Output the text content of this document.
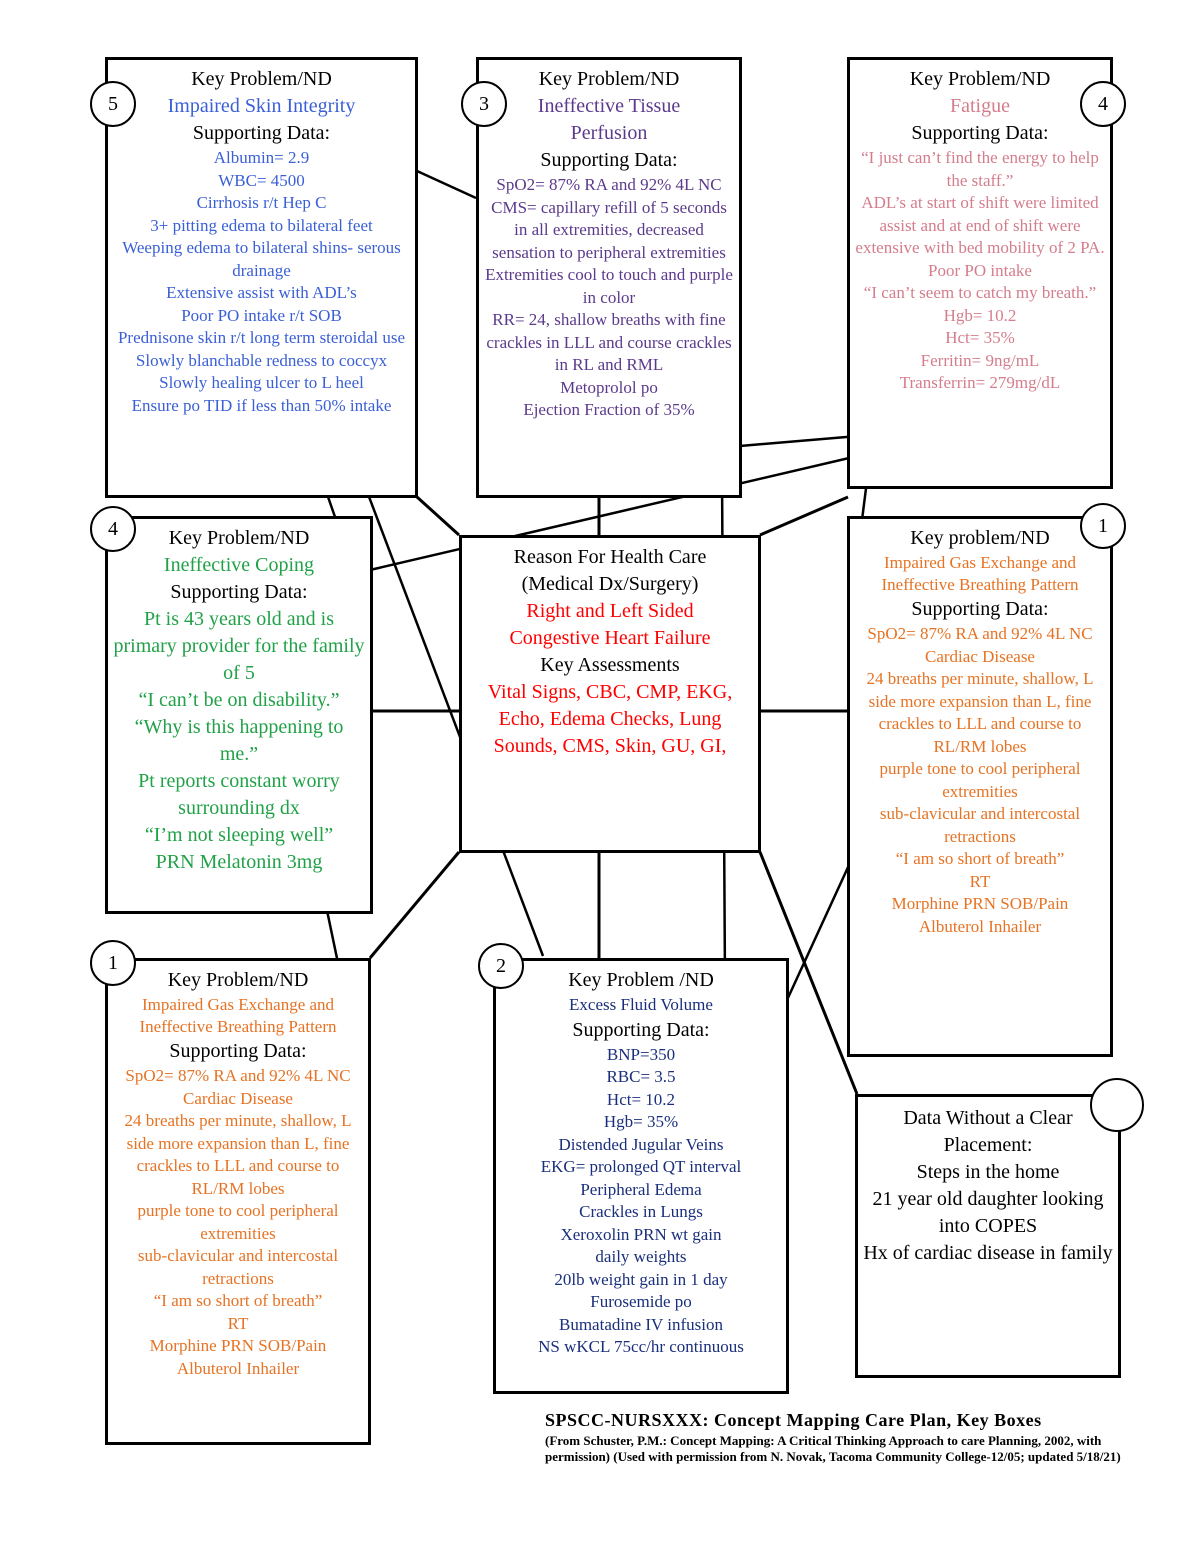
Key Problem/ND

Impaired Skin Integrity

Supporting Data:

Albumin= 2.9

WBC= 4500

Cirrhosis r/t Hep C

3+ pitting edema to bilateral feet

Weeping edema to bilateral shins- serous drainage

Extensive assist with ADL’s

Poor PO intake r/t SOB

Prednisone skin r/t long term steroidal use

Slowly blanchable redness to coccyx

Slowly healing ulcer to L heel

Ensure po TID if less than 50% intake

5

Key Problem/ND

Ineffective Tissue Perfusion

Supporting Data:

SpO2= 87% RA and 92% 4L NC

CMS= capillary refill of 5 seconds in all extremities, decreased sensation to peripheral extremities

Extremities cool to touch and purple in color

RR= 24, shallow breaths with fine crackles in LLL and course crackles in RL and RML

Metoprolol po

Ejection Fraction of 35%

3

Key Problem/ND

Fatigue

Supporting Data:

“I just can’t find the energy to help the staff.”

ADL’s at start of shift were limited assist and at end of shift were extensive with bed mobility of 2 PA.

Poor PO intake

“I can’t seem to catch my breath.”

Hgb= 10.2

Hct= 35%

Ferritin= 9ng/mL

Transferrin= 279mg/dL

4

Key Problem/ND

Ineffective Coping

Supporting Data:

Pt is 43 years old and is primary provider for the family of 5

“I can’t be on disability.”

“Why is this happening to me.”

Pt reports constant worry surrounding dx

“I’m not sleeping well”

PRN Melatonin 3mg

4

Reason For Health Care

(Medical Dx/Surgery)

Right and Left Sided Congestive Heart Failure

Key Assessments

Vital Signs, CBC, CMP, EKG, Echo, Edema Checks, Lung Sounds, CMS, Skin, GU, GI,

Key problem/ND

Impaired Gas Exchange and Ineffective Breathing Pattern

Supporting Data:

SpO2= 87% RA and 92% 4L NC

Cardiac Disease

24 breaths per minute, shallow, L side more expansion than L, fine crackles to LLL and course to RL/RM lobes

purple tone to cool peripheral extremities

sub-clavicular and intercostal retractions

“I am so short of breath”

RT

Morphine PRN SOB/Pain

Albuterol Inhailer

1

Key Problem/ND

Impaired Gas Exchange and Ineffective Breathing Pattern

Supporting Data:

SpO2= 87% RA and 92% 4L NC

Cardiac Disease

24 breaths per minute, shallow, L side more expansion than L, fine crackles to LLL and course to RL/RM lobes

purple tone to cool peripheral extremities

sub-clavicular and intercostal retractions

“I am so short of breath”

RT

Morphine PRN SOB/Pain

Albuterol Inhailer

1

Key Problem /ND

Excess Fluid Volume

Supporting Data:

BNP=350

RBC= 3.5

Hct= 10.2

Hgb= 35%

Distended Jugular Veins

EKG= prolonged QT interval

Peripheral Edema

Crackles in Lungs

Xeroxolin PRN wt gain

daily weights

20lb weight gain in 1 day

Furosemide po

Bumatadine IV infusion

NS wKCL 75cc/hr continuous

2

Data Without a Clear Placement:

Steps in the home

21 year old daughter looking into COPES

Hx of cardiac disease in family

SPSCC-NURSXXX: Concept Mapping Care Plan, Key Boxes

(From Schuster, P.M.: Concept Mapping: A Critical Thinking Approach to care Planning, 2002, with permission) (Used with permission from N. Novak, Tacoma Community College-12/05; updated 5/18/21)
